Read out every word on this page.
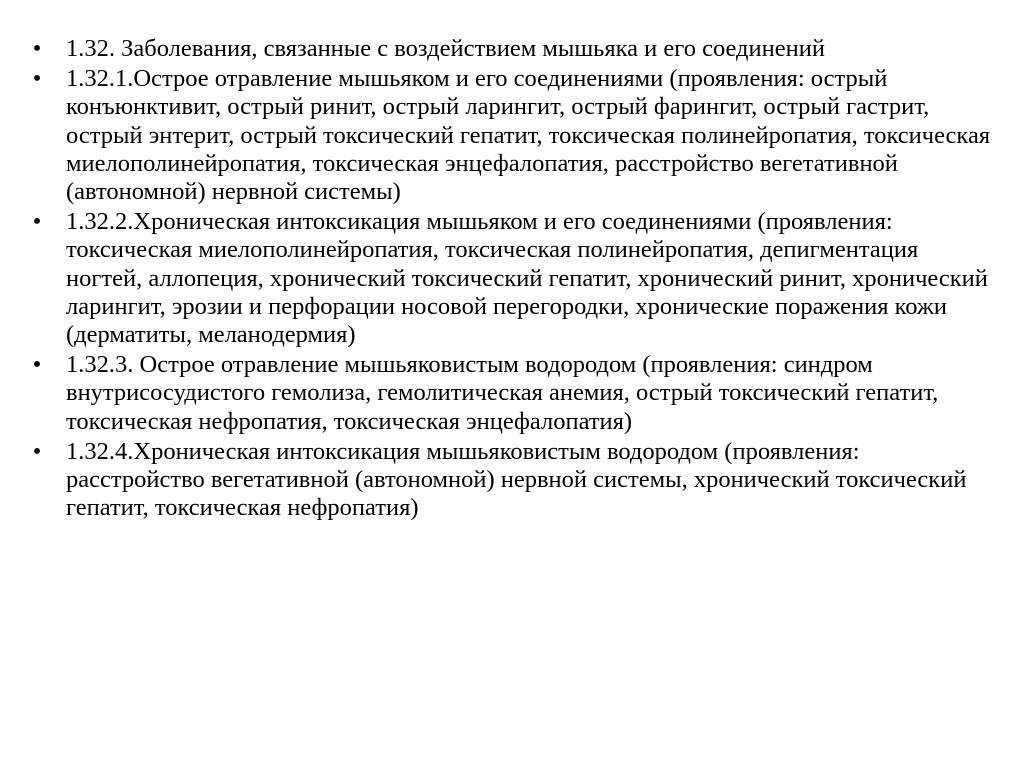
• 1.32. Заболевания, связанные с воздействием мышьяка и его соединений
• 1.32.1.Острое отравление мышьяком и его соединениями (проявления: острый конъюнктивит, острый ринит, острый ларингит, острый фарингит, острый гастрит, острый энтерит, острый токсический гепатит, токсическая полинейропатия, токсическая миелополинейропатия, токсическая энцефалопатия, расстройство вегетативной (автономной) нервной системы)
• 1.32.2.Хроническая интоксикация мышьяком и его соединениями (проявления: токсическая миелополинейропатия, токсическая полинейропатия, депигментация ногтей, аллопеция, хронический токсический гепатит, хронический ринит, хронический ларингит, эрозии и перфорации носовой перегородки, хронические поражения кожи (дерматиты, меланодермия)
• 1.32.3. Острое отравление мышьяковистым водородом (проявления: синдром внутрисосудистого гемолиза, гемолитическая анемия, острый токсический гепатит, токсическая нефропатия, токсическая энцефалопатия)
• 1.32.4.Хроническая интоксикация мышьяковистым водородом (проявления: расстройство вегетативной (автономной) нервной системы, хронический токсический гепатит, токсическая нефропатия)
